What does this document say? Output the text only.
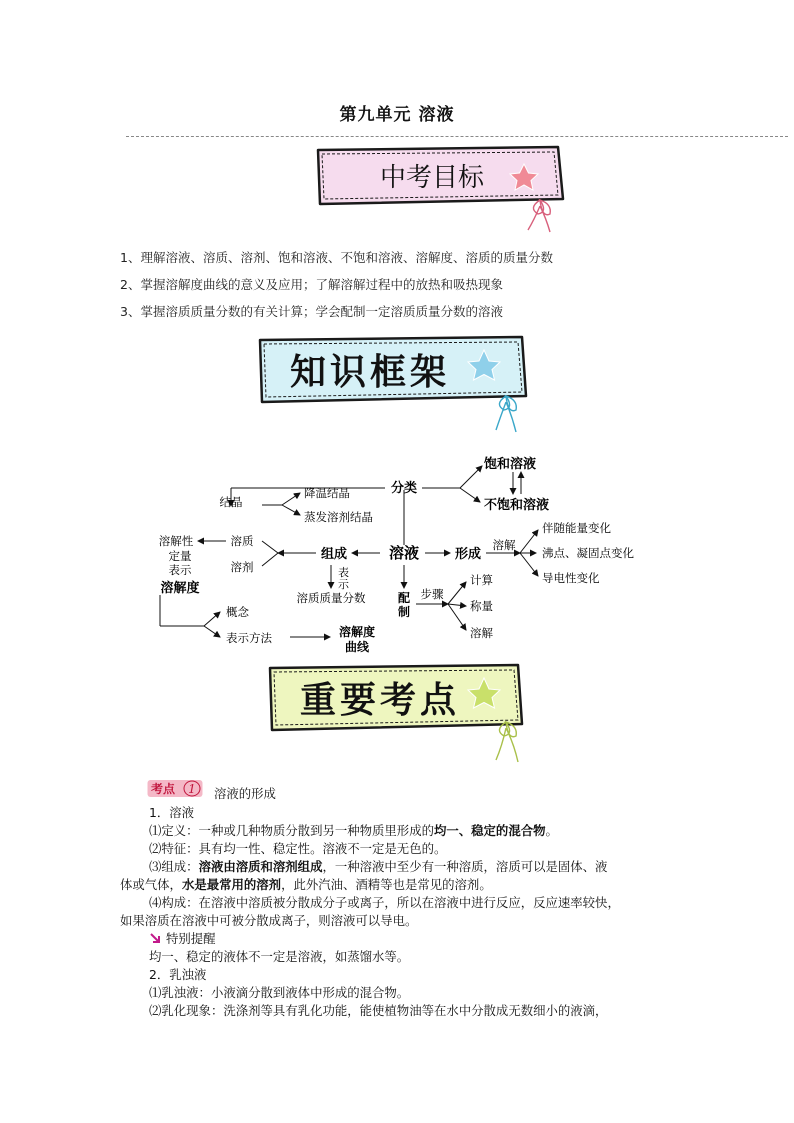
第九单元 溶液
中考目标
1、理解溶液、溶质、溶剂、饱和溶液、不饱和溶液、溶解度、溶质的质量分数
2、掌握溶解度曲线的意义及应用；了解溶解过程中的放热和吸热现象
3、掌握溶质质量分数的有关计算；学会配制一定溶质质量分数的溶液
知识框架
分类
饱和溶液
不饱和溶液
结晶
降温结晶
蒸发溶剂结晶
溶液
组成
溶质
溶剂
溶解性
定量
表示
溶解度
表
示
溶质质量分数
形成
溶解
伴随能量变化
沸点、凝固点变化
导电性变化
配
制
步骤
计算
称量
溶解
概念
表示方法	溶解度
曲线
重要考点
考点 1 溶液的形成
1．溶液
⑴定义：一种或几种物质分散到另一种物质里形成的均一、稳定的混合物。
⑵特征：具有均一性、稳定性。溶液不一定是无色的。
⑶组成：溶液由溶质和溶剂组成，一种溶液中至少有一种溶质，溶质可以是固体、液
体或气体，水是最常用的溶剂，此外汽油、酒精等也是常见的溶剂。
⑷构成：在溶液中溶质被分散成分子或离子，所以在溶液中进行反应，反应速率较快，
如果溶质在溶液中可被分散成离子，则溶液可以导电。
特别提醒
均一、稳定的液体不一定是溶液，如蒸馏水等。
2．乳浊液
⑴乳浊液：小液滴分散到液体中形成的混合物。
⑵乳化现象：洗涤剂等具有乳化功能，能使植物油等在水中分散成无数细小的液滴，
